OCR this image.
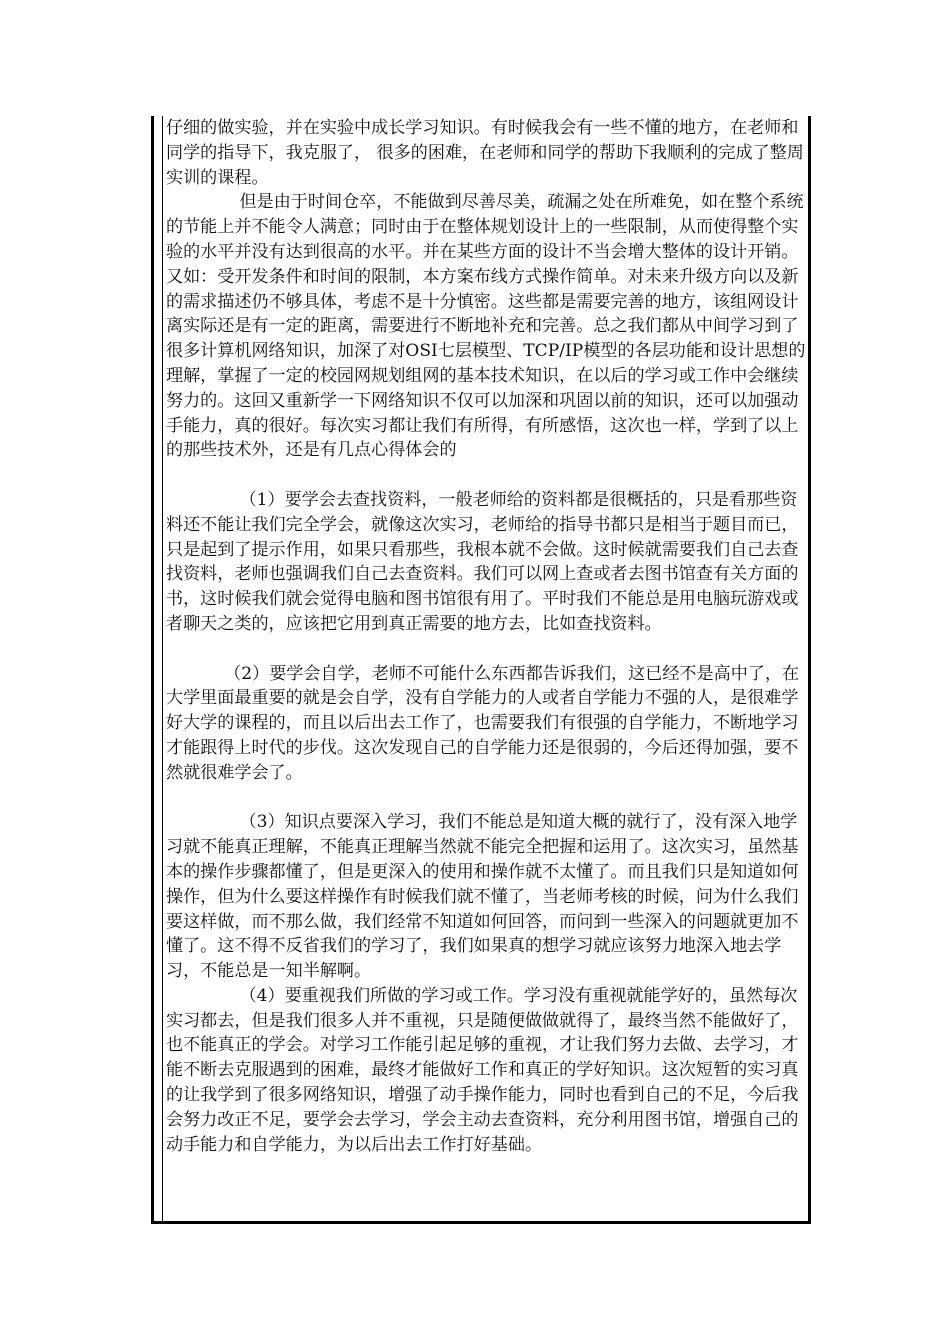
仔细的做实验，并在实验中成长学习知识。有时候我会有一些不懂的地方，在老师和同学的指导下，我克服了， 很多的困难，在老师和同学的帮助下我顺利的完成了整周实训的课程。

但是由于时间仓卒，不能做到尽善尽美，疏漏之处在所难免，如在整个系统的节能上并不能令人满意；同时由于在整体规划设计上的一些限制，从而使得整个实验的水平并没有达到很高的水平。并在某些方面的设计不当会增大整体的设计开销。又如：受开发条件和时间的限制，本方案布线方式操作简单。对未来升级方向以及新的需求描述仍不够具体，考虑不是十分慎密。这些都是需要完善的地方，该组网设计离实际还是有一定的距离，需要进行不断地补充和完善。总之我们都从中间学习到了很多计算机网络知识，加深了对OSI七层模型、TCP/IP模型的各层功能和设计思想的理解，掌握了一定的校园网规划组网的基本技术知识，在以后的学习或工作中会继续努力的。这回又重新学一下网络知识不仅可以加深和巩固以前的知识，还可以加强动手能力，真的很好。每次实习都让我们有所得，有所感悟，这次也一样，学到了以上的那些技术外，还是有几点心得体会的

（1）要学会去查找资料，一般老师给的资料都是很概括的，只是看那些资料还不能让我们完全学会，就像这次实习，老师给的指导书都只是相当于题目而已，只是起到了提示作用，如果只看那些，我根本就不会做。这时候就需要我们自己去查找资料，老师也强调我们自己去查资料。我们可以网上查或者去图书馆查有关方面的书，这时候我们就会觉得电脑和图书馆很有用了。平时我们不能总是用电脑玩游戏或者聊天之类的，应该把它用到真正需要的地方去，比如查找资料。

（2）要学会自学，老师不可能什么东西都告诉我们，这已经不是高中了，在大学里面最重要的就是会自学，没有自学能力的人或者自学能力不强的人，是很难学好大学的课程的，而且以后出去工作了，也需要我们有很强的自学能力，不断地学习才能跟得上时代的步伐。这次发现自己的自学能力还是很弱的，今后还得加强，要不然就很难学会了。

（3）知识点要深入学习，我们不能总是知道大概的就行了，没有深入地学习就不能真正理解，不能真正理解当然就不能完全把握和运用了。这次实习，虽然基本的操作步骤都懂了，但是更深入的使用和操作就不太懂了。而且我们只是知道如何操作，但为什么要这样操作有时候我们就不懂了，当老师考核的时候，问为什么我们要这样做，而不那么做，我们经常不知道如何回答，而问到一些深入的问题就更加不懂了。这不得不反省我们的学习了，我们如果真的想学习就应该努力地深入地去学习，不能总是一知半解啊。

（4）要重视我们所做的学习或工作。学习没有重视就能学好的，虽然每次实习都去，但是我们很多人并不重视，只是随便做做就得了，最终当然不能做好了，也不能真正的学会。对学习工作能引起足够的重视，才让我们努力去做、去学习，才能不断去克服遇到的困难，最终才能做好工作和真正的学好知识。这次短暂的实习真的让我学到了很多网络知识，增强了动手操作能力，同时也看到自己的不足，今后我会努力改正不足，要学会去学习，学会主动去查资料，充分利用图书馆，增强自己的动手能力和自学能力，为以后出去工作打好基础。
